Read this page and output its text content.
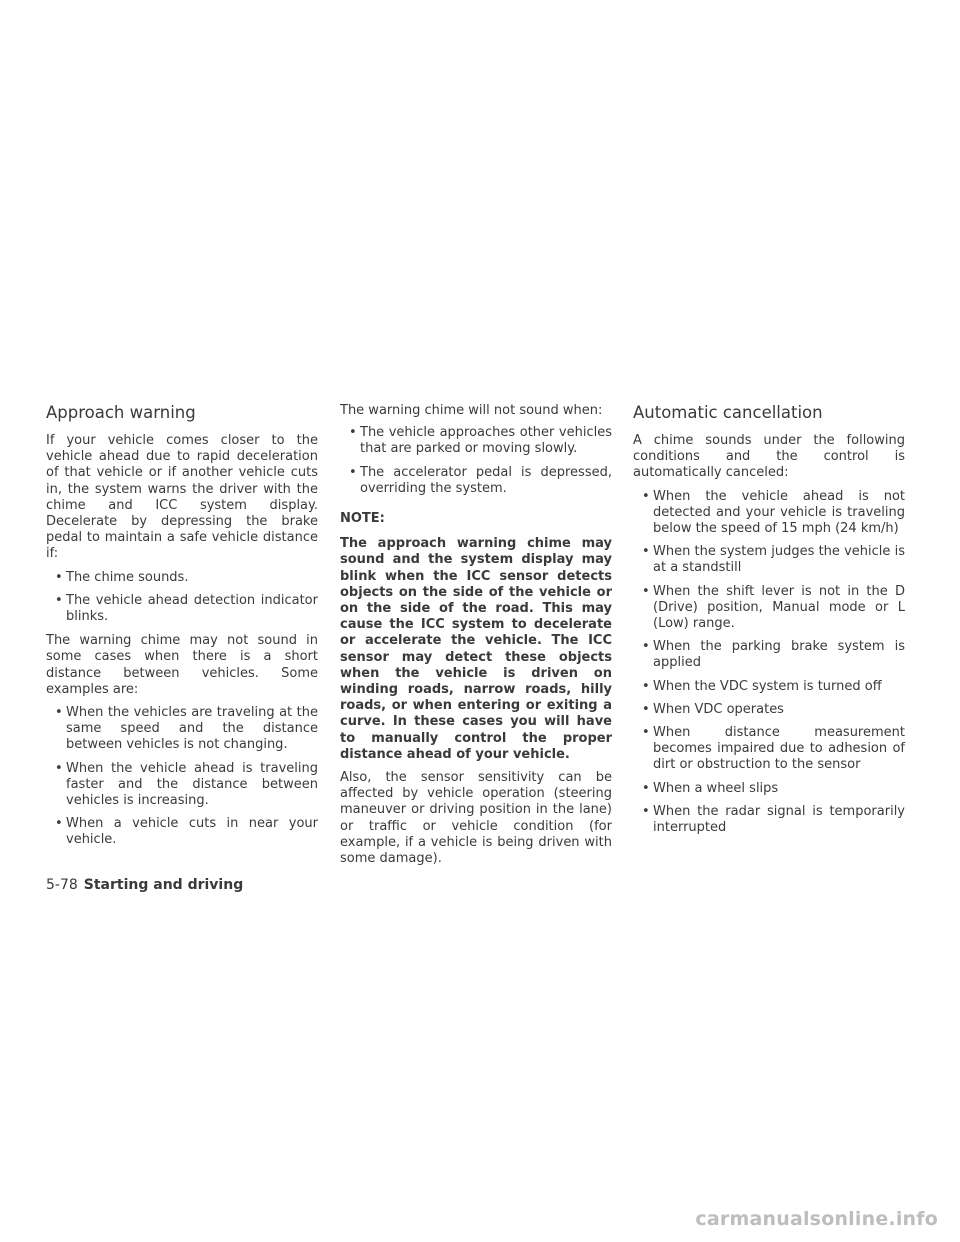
Approach warning

If your vehicle comes closer to the vehicle ahead due to rapid deceleration of that vehicle or if another vehicle cuts in, the system warns the driver with the chime and ICC system display. Decelerate by depressing the brake pedal to maintain a safe vehicle distance if:

• The chime sounds.
• The vehicle ahead detection indicator blinks.

The warning chime may not sound in some cases when there is a short distance between vehicles. Some examples are:

• When the vehicles are traveling at the same speed and the distance between vehicles is not changing.
• When the vehicle ahead is traveling faster and the distance between vehicles is increasing.
• When a vehicle cuts in near your vehicle.

The warning chime will not sound when:

• The vehicle approaches other vehicles that are parked or moving slowly.
• The accelerator pedal is depressed, overriding the system.

NOTE:

The approach warning chime may sound and the system display may blink when the ICC sensor detects objects on the side of the vehicle or on the side of the road. This may cause the ICC system to decelerate or accelerate the vehicle. The ICC sensor may detect these objects when the vehicle is driven on winding roads, narrow roads, hilly roads, or when entering or exiting a curve. In these cases you will have to manually control the proper distance ahead of your vehicle.

Also, the sensor sensitivity can be affected by vehicle operation (steering maneuver or driving position in the lane) or traffic or vehicle condition (for example, if a vehicle is being driven with some damage).

Automatic cancellation

A chime sounds under the following conditions and the control is automatically canceled:

• When the vehicle ahead is not detected and your vehicle is traveling below the speed of 15 mph (24 km/h)
• When the system judges the vehicle is at a standstill
• When the shift lever is not in the D (Drive) position, Manual mode or L (Low) range.
• When the parking brake system is applied
• When the VDC system is turned off
• When VDC operates
• When distance measurement becomes impaired due to adhesion of dirt or obstruction to the sensor
• When a wheel slips
• When the radar signal is temporarily interrupted
5-78 Starting and driving
carmanualsonline.info
